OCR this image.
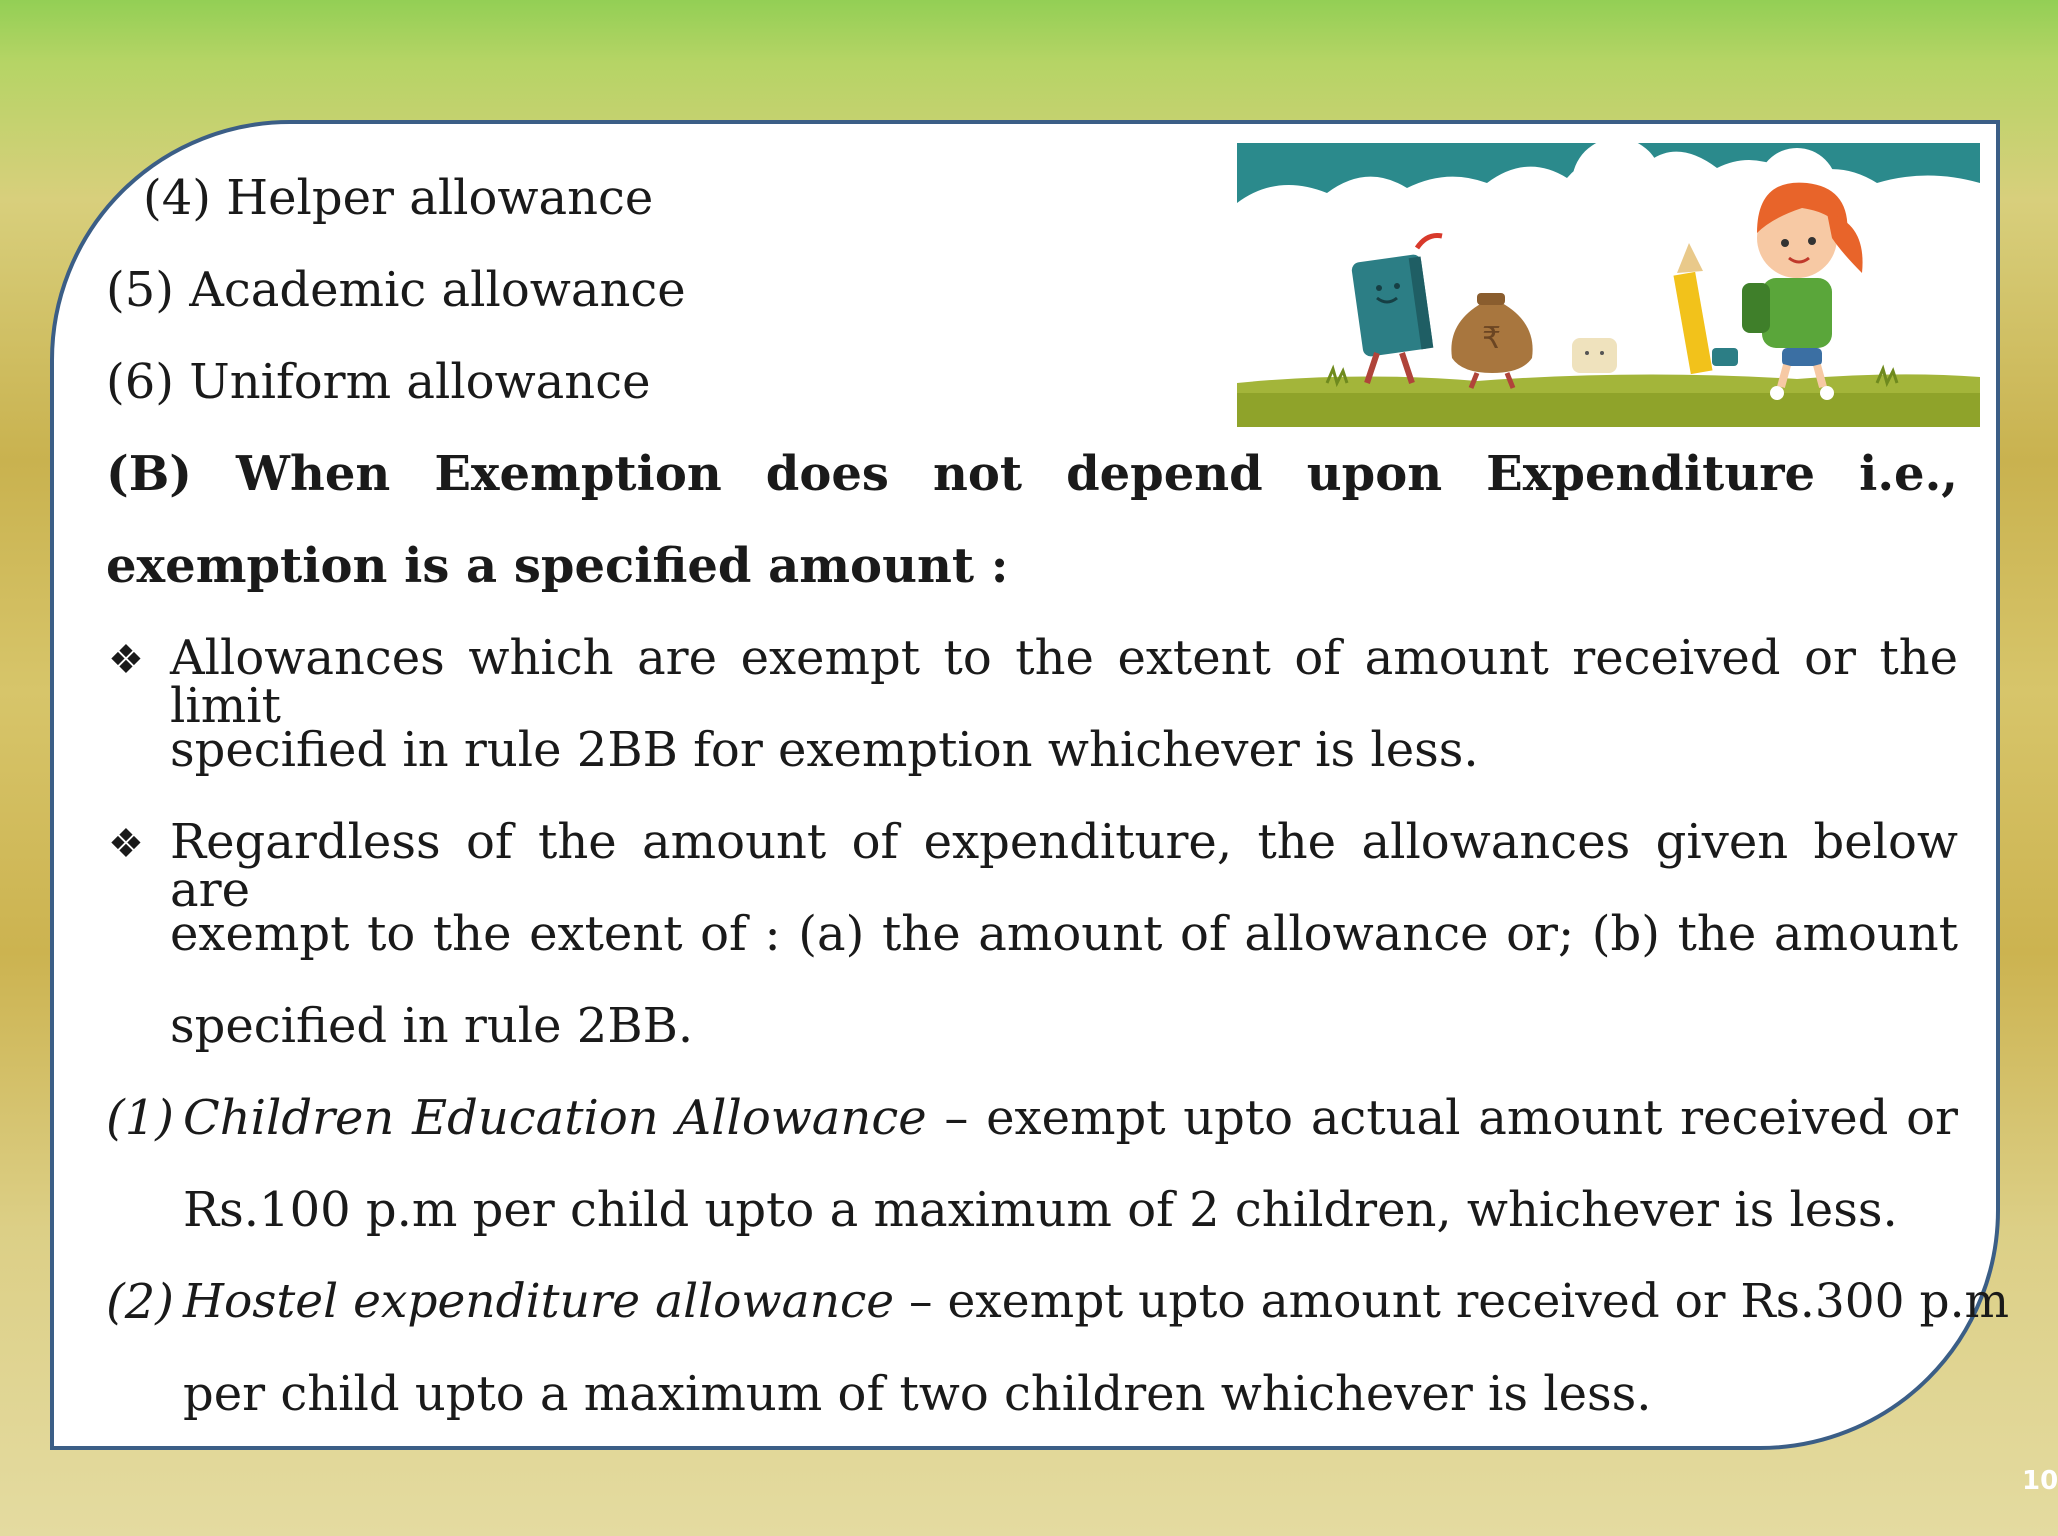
₹
(4) Helper allowance
(5) Academic allowance
(6) Uniform allowance
(B) When Exemption does not depend upon Expenditure i.e.,
exemption is a specified amount :
❖ Allowances which are exempt to the extent of amount received or the limit
specified in rule 2BB for exemption whichever is less.
❖ Regardless of the amount of expenditure, the allowances given below are
exempt to the extent of : (a) the amount of allowance or; (b) the amount
specified in rule 2BB.
(1) Children Education Allowance – exempt upto actual amount received or
Rs.100 p.m per child upto a maximum of 2 children, whichever is less.
(2) Hostel expenditure allowance – exempt upto amount received or Rs.300 p.m
per child upto a maximum of two children whichever is less.
10
